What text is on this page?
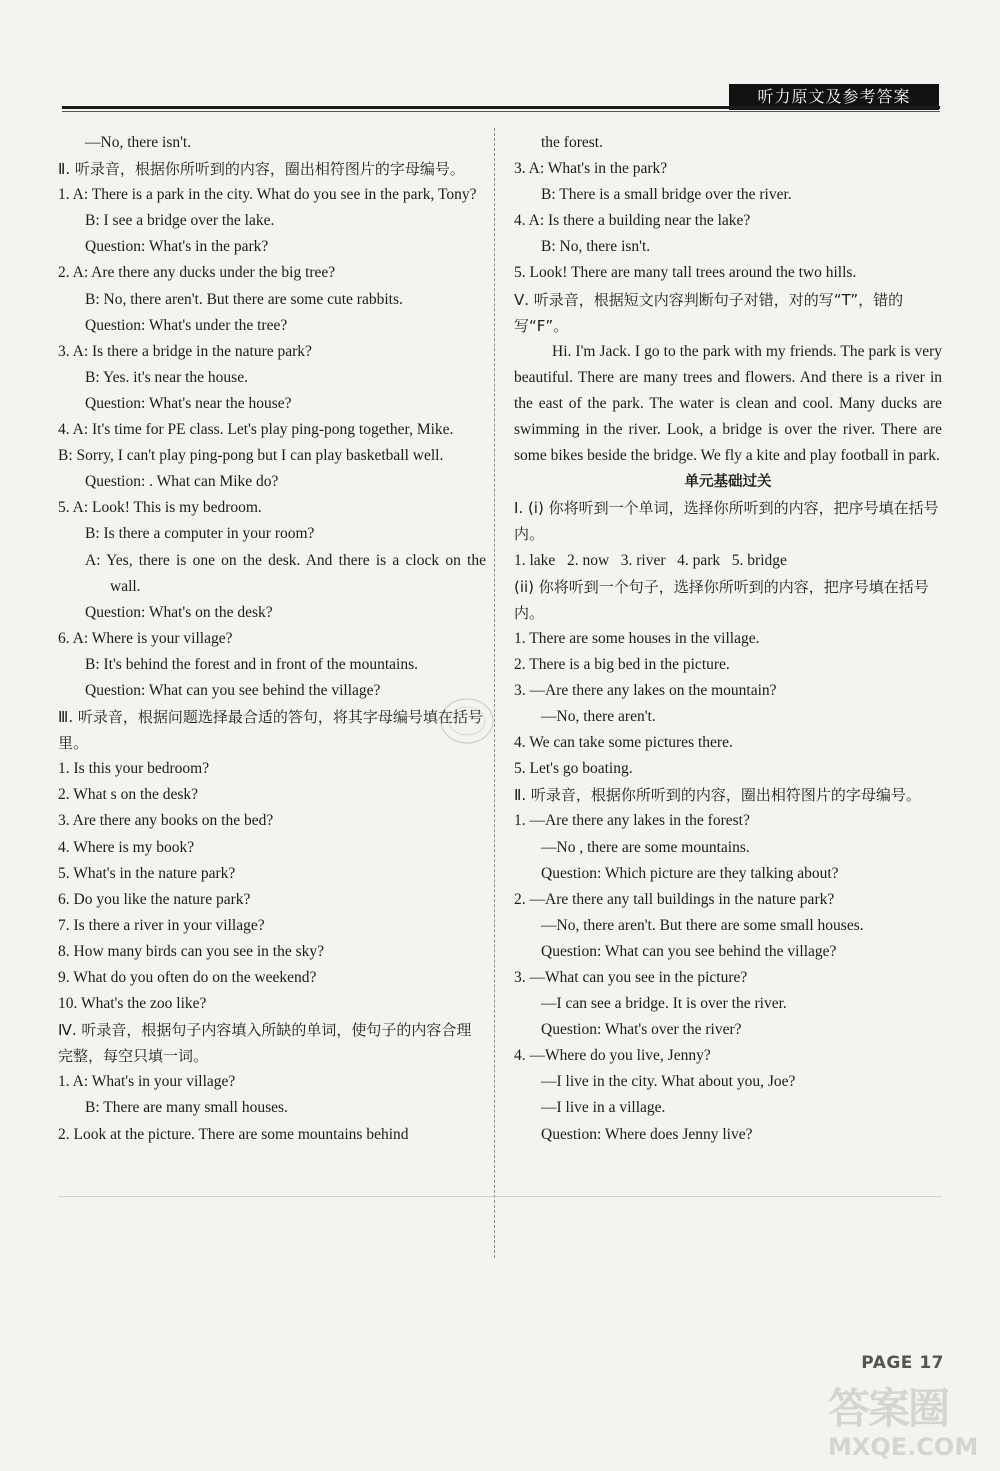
听力原文及参考答案

—No, there isn't.

Ⅱ. 听录音，根据你所听到的内容，圈出相符图片的字母编号。

1. A: There is a park in the city. What do you see in the park, Tony?

B: I see a bridge over the lake.

Question: What's in the park?

2. A: Are there any ducks under the big tree?

B: No, there aren't. But there are some cute rabbits.

Question: What's under the tree?

3. A: Is there a bridge in the nature park?

B: Yes. it's near the house.

Question: What's near the house?

4. A: It's time for PE class. Let's play ping-pong together, Mike.

B: Sorry, I can't play ping-pong but I can play basketball well.

Question: . What can Mike do?

5. A: Look! This is my bedroom.

B: Is there a computer in your room?

A: Yes, there is one on the desk. And there is a clock on the wall.

Question: What's on the desk?

6. A: Where is your village?

B: It's behind the forest and in front of the mountains.

Question: What can you see behind the village?

Ⅲ. 听录音，根据问题选择最合适的答句，将其字母编号填在括号里。

1. Is this your bedroom?

2. What s on the desk?

3. Are there any books on the bed?

4. Where is my book?

5. What's in the nature park?

6. Do you like the nature park?

7. Is there a river in your village?

8. How many birds can you see in the sky?

9. What do you often do on the weekend?

10. What's the zoo like?

Ⅳ. 听录音，根据句子内容填入所缺的单词，使句子的内容合理完整，每空只填一词。

1. A: What's in your village?

B: There are many small houses.

2. Look at the picture. There are some mountains behind

the forest.

3. A: What's in the park?

B: There is a small bridge over the river.

4. A: Is there a building near the lake?

B: No, there isn't.

5. Look! There are many tall trees around the two hills.

Ⅴ. 听录音，根据短文内容判断句子对错，对的写“T”，错的写“F”。

Hi. I'm Jack. I go to the park with my friends. The park is very beautiful. There are many trees and flowers. And there is a river in the east of the park. The water is clean and cool. Many ducks are swimming in the river. Look, a bridge is over the river. There are some bikes beside the bridge. We fly a kite and play football in park.

单元基础过关

Ⅰ. (i) 你将听到一个单词，选择你所听到的内容，把序号填在括号内。

1. lake   2. now   3. river   4. park   5. bridge

(ii) 你将听到一个句子，选择你所听到的内容，把序号填在括号内。

1. There are some houses in the village.

2. There is a big bed in the picture.

3. —Are there any lakes on the mountain?

—No, there aren't.

4. We can take some pictures there.

5. Let's go boating.

Ⅱ. 听录音，根据你所听到的内容，圈出相符图片的字母编号。

1. —Are there any lakes in the forest?

—No , there are some mountains.

Question: Which picture are they talking about?

2. —Are there any tall buildings in the nature park?

—No, there aren't. But there are some small houses.

Question: What can you see behind the village?

3. —What can you see in the picture?

—I can see a bridge. It is over the river.

Question: What's over the river?

4. —Where do you live, Jenny?

—I live in the city. What about you, Joe?

—I live in a village.

Question: Where does Jenny live?

PAGE 17
答案圈
MXQE.COM
